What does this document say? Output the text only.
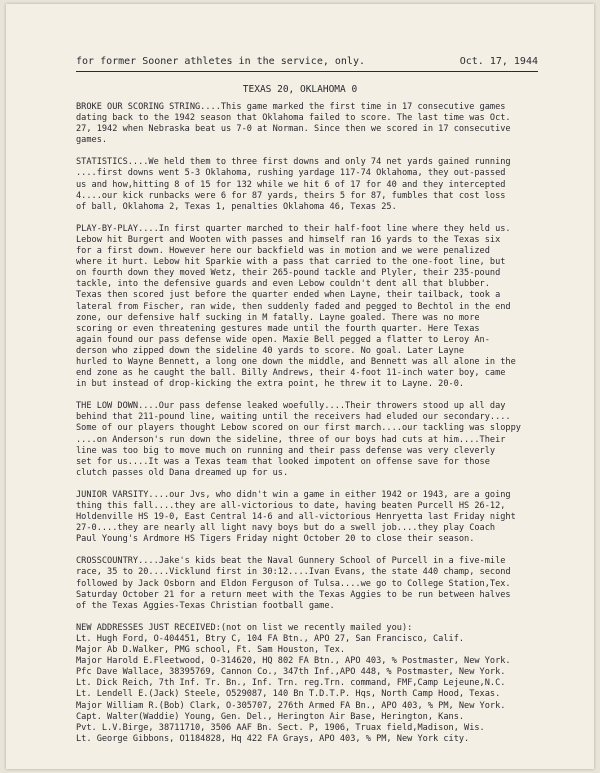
for former Sooner athletes in the service, only.	Oct. 17, 1944
TEXAS 20, OKLAHOMA 0
BROKE OUR SCORING STRING....This game marked the first time in 17 consecutive games
dating back to the 1942 season that Oklahoma failed to score. The last time was Oct.
27, 1942 when Nebraska beat us 7-0 at Norman. Since then we scored in 17 consecutive
games.
STATISTICS....We held them to three first downs and only 74 net yards gained running
....first downs went 5-3 Oklahoma, rushing yardage 117-74 Oklahoma, they out-passed
us and how,hitting 8 of 15 for 132 while we hit 6 of 17 for 40 and they intercepted
4....our kick runbacks were 6 for 87 yards, theirs 5 for 87, fumbles that cost loss
of ball, Oklahoma 2, Texas 1, penalties Oklahoma 46, Texas 25.
PLAY-BY-PLAY....In first quarter marched to their half-foot line where they held us.
Lebow hit Burgert and Wooten with passes and himself ran 16 yards to the Texas six
for a first down. However here our backfield was in motion and we were penalized
where it hurt. Lebow hit Sparkie with a pass that carried to the one-foot line, but
on fourth down they moved Wetz, their 265-pound tackle and Plyler, their 235-pound
tackle, into the defensive guards and even Lebow couldn't dent all that blubber.
Texas then scored just before the quarter ended when Layne, their tailback, took a
lateral from Fischer, ran wide, then suddenly faded and pegged to Bechtol in the end
zone, our defensive half sucking in M fatally. Layne goaled. There was no more
scoring or even threatening gestures made until the fourth quarter. Here Texas
again found our pass defense wide open. Maxie Bell pegged a flatter to Leroy An-
derson who zipped down the sideline 40 yards to score. No goal. Later Layne
hurled to Wayne Bennett, a long one down the middle, and Bennett was all alone in the
end zone as he caught the ball. Billy Andrews, their 4-foot 11-inch water boy, came
in but instead of drop-kicking the extra point, he threw it to Layne. 20-0.
THE LOW DOWN....Our pass defense leaked woefully....Their throwers stood up all day
behind that 211-pound line, waiting until the receivers had eluded our secondary....
Some of our players thought Lebow scored on our first march....our tackling was sloppy
....on Anderson's run down the sideline, three of our boys had cuts at him....Their
line was too big to move much on running and their pass defense was very cleverly
set for us....It was a Texas team that looked impotent on offense save for those
clutch passes old Dana dreamed up for us.
JUNIOR VARSITY....our Jvs, who didn't win a game in either 1942 or 1943, are a going
thing this fall....they are all-victorious to date, having beaten Purcell HS 26-12,
Holdenville HS 19-0, East Central 14-6 and all-victorious Henryetta last Friday night
27-0....they are nearly all light navy boys but do a swell job....they play Coach
Paul Young's Ardmore HS Tigers Friday night October 20 to close their season.
CROSSCOUNTRY....Jake's kids beat the Naval Gunnery School of Purcell in a five-mile
race, 35 to 20....Vicklund first in 30:12....Ivan Evans, the state 440 champ, second
followed by Jack Osborn and Eldon Ferguson of Tulsa....we go to College Station,Tex.
Saturday October 21 for a return meet with the Texas Aggies to be run between halves
of the Texas Aggies-Texas Christian football game.
NEW ADDRESSES JUST RECEIVED:(not on list we recently mailed you):
Lt. Hugh Ford, O-404451, Btry C, 104 FA Btn., APO 27, San Francisco, Calif.
Major Ab D.Walker, PMG school, Ft. Sam Houston, Tex.
Major Harold E.Fleetwood, O-314620, HQ 802 FA Btn., APO 403, % Postmaster, New York.
Pfc Dave Wallace, 38395769, Cannon Co., 347th Inf.,APO 448, % Postmaster, New York.
Lt. Dick Reich, 7th Inf. Tr. Bn., Inf. Trn. reg.Trn. command, FMF,Camp Lejeune,N.C.
Lt. Lendell E.(Jack) Steele, O529087, 140 Bn T.D.T.P. Hqs, North Camp Hood, Texas.
Major William R.(Bob) Clark, O-305707, 276th Armed FA Bn., APO 403, % PM, New York.
Capt. Walter(Waddie) Young, Gen. Del., Herington Air Base, Herington, Kans.
Pvt. L.V.Birge, 38711710, 3506 AAF Bn. Sect. P, 1906, Truax field,Madison, Wis.
Lt. George Gibbons, O1184828, Hq 422 FA Grays, APO 403, % PM, New York city.
